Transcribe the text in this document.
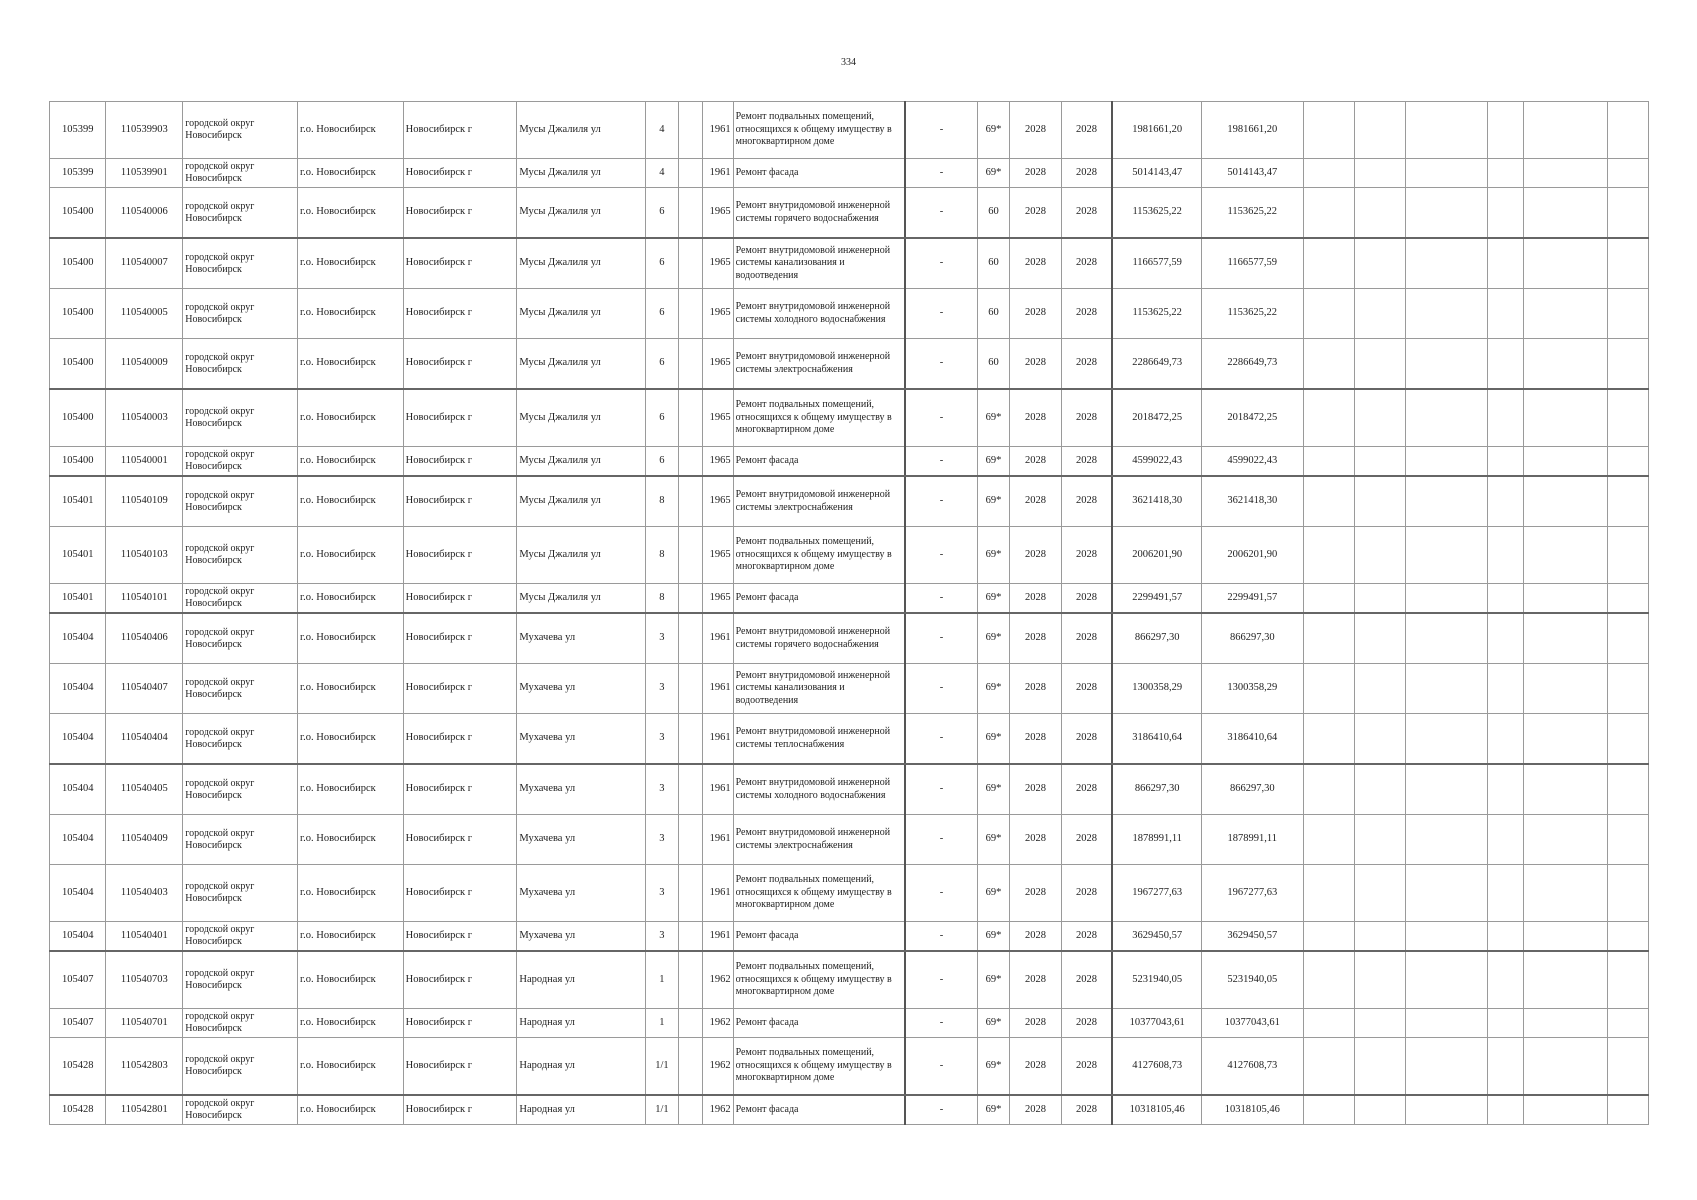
334
105399	110539903	городской округ Новосибирск	г.о. Новосибирск	Новосибирск г	Мусы Джалиля ул	4		1961	Ремонт подвальных помещений, относящихся к общему имуществу в многоквартирном доме	-	69*	2028	2028	1981661,20	1981661,20						
105399	110539901	городской округ Новосибирск	г.о. Новосибирск	Новосибирск г	Мусы Джалиля ул	4		1961	Ремонт фасада	-	69*	2028	2028	5014143,47	5014143,47						
105400	110540006	городской округ Новосибирск	г.о. Новосибирск	Новосибирск г	Мусы Джалиля ул	6		1965	Ремонт внутридомовой инженерной системы горячего водоснабжения	-	60	2028	2028	1153625,22	1153625,22						
105400	110540007	городской округ Новосибирск	г.о. Новосибирск	Новосибирск г	Мусы Джалиля ул	6		1965	Ремонт внутридомовой инженерной системы канализования и водоотведения	-	60	2028	2028	1166577,59	1166577,59						
105400	110540005	городской округ Новосибирск	г.о. Новосибирск	Новосибирск г	Мусы Джалиля ул	6		1965	Ремонт внутридомовой инженерной системы холодного водоснабжения	-	60	2028	2028	1153625,22	1153625,22						
105400	110540009	городской округ Новосибирск	г.о. Новосибирск	Новосибирск г	Мусы Джалиля ул	6		1965	Ремонт внутридомовой инженерной системы электроснабжения	-	60	2028	2028	2286649,73	2286649,73						
105400	110540003	городской округ Новосибирск	г.о. Новосибирск	Новосибирск г	Мусы Джалиля ул	6		1965	Ремонт подвальных помещений, относящихся к общему имуществу в многоквартирном доме	-	69*	2028	2028	2018472,25	2018472,25						
105400	110540001	городской округ Новосибирск	г.о. Новосибирск	Новосибирск г	Мусы Джалиля ул	6		1965	Ремонт фасада	-	69*	2028	2028	4599022,43	4599022,43						
105401	110540109	городской округ Новосибирск	г.о. Новосибирск	Новосибирск г	Мусы Джалиля ул	8		1965	Ремонт внутридомовой инженерной системы электроснабжения	-	69*	2028	2028	3621418,30	3621418,30						
105401	110540103	городской округ Новосибирск	г.о. Новосибирск	Новосибирск г	Мусы Джалиля ул	8		1965	Ремонт подвальных помещений, относящихся к общему имуществу в многоквартирном доме	-	69*	2028	2028	2006201,90	2006201,90						
105401	110540101	городской округ Новосибирск	г.о. Новосибирск	Новосибирск г	Мусы Джалиля ул	8		1965	Ремонт фасада	-	69*	2028	2028	2299491,57	2299491,57						
105404	110540406	городской округ Новосибирск	г.о. Новосибирск	Новосибирск г	Мухачева ул	3		1961	Ремонт внутридомовой инженерной системы горячего водоснабжения	-	69*	2028	2028	866297,30	866297,30						
105404	110540407	городской округ Новосибирск	г.о. Новосибирск	Новосибирск г	Мухачева ул	3		1961	Ремонт внутридомовой инженерной системы канализования и водоотведения	-	69*	2028	2028	1300358,29	1300358,29						
105404	110540404	городской округ Новосибирск	г.о. Новосибирск	Новосибирск г	Мухачева ул	3		1961	Ремонт внутридомовой инженерной системы теплоснабжения	-	69*	2028	2028	3186410,64	3186410,64						
105404	110540405	городской округ Новосибирск	г.о. Новосибирск	Новосибирск г	Мухачева ул	3		1961	Ремонт внутридомовой инженерной системы холодного водоснабжения	-	69*	2028	2028	866297,30	866297,30						
105404	110540409	городской округ Новосибирск	г.о. Новосибирск	Новосибирск г	Мухачева ул	3		1961	Ремонт внутридомовой инженерной системы электроснабжения	-	69*	2028	2028	1878991,11	1878991,11						
105404	110540403	городской округ Новосибирск	г.о. Новосибирск	Новосибирск г	Мухачева ул	3		1961	Ремонт подвальных помещений, относящихся к общему имуществу в многоквартирном доме	-	69*	2028	2028	1967277,63	1967277,63						
105404	110540401	городской округ Новосибирск	г.о. Новосибирск	Новосибирск г	Мухачева ул	3		1961	Ремонт фасада	-	69*	2028	2028	3629450,57	3629450,57						
105407	110540703	городской округ Новосибирск	г.о. Новосибирск	Новосибирск г	Народная ул	1		1962	Ремонт подвальных помещений, относящихся к общему имуществу в многоквартирном доме	-	69*	2028	2028	5231940,05	5231940,05						
105407	110540701	городской округ Новосибирск	г.о. Новосибирск	Новосибирск г	Народная ул	1		1962	Ремонт фасада	-	69*	2028	2028	10377043,61	10377043,61						
105428	110542803	городской округ Новосибирск	г.о. Новосибирск	Новосибирск г	Народная ул	1/1		1962	Ремонт подвальных помещений, относящихся к общему имуществу в многоквартирном доме	-	69*	2028	2028	4127608,73	4127608,73						
105428	110542801	городской округ Новосибирск	г.о. Новосибирск	Новосибирск г	Народная ул	1/1		1962	Ремонт фасада	-	69*	2028	2028	10318105,46	10318105,46						
